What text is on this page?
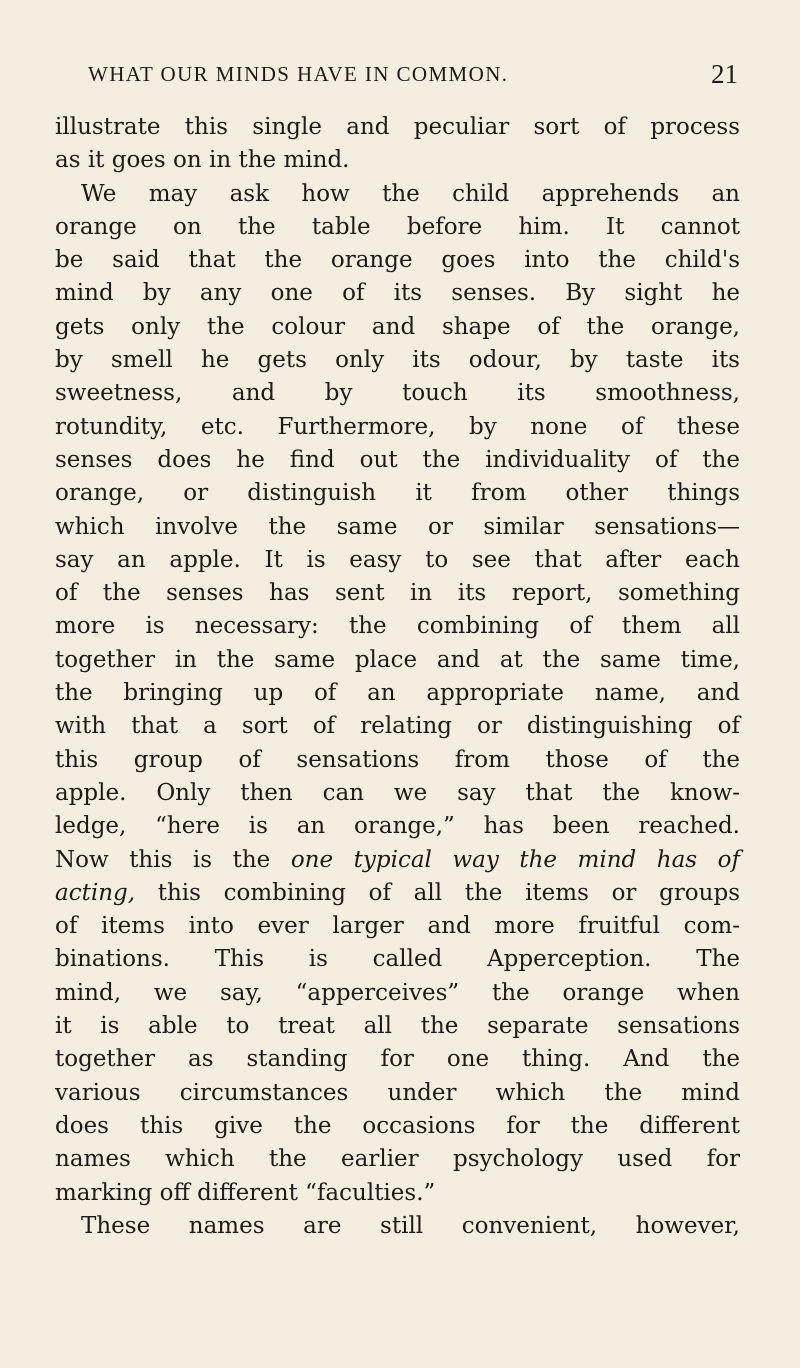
WHAT OUR MINDS HAVE IN COMMON.	21
illustrate this single and peculiar sort of process
as it goes on in the mind.
We may ask how the child apprehends an
orange on the table before him. It cannot
be said that the orange goes into the child's
mind by any one of its senses. By sight he
gets only the colour and shape of the orange,
by smell he gets only its odour, by taste its
sweetness, and by touch its smoothness,
rotundity, etc. Furthermore, by none of these
senses does he find out the individuality of the
orange, or distinguish it from other things
which involve the same or similar sensations—
say an apple. It is easy to see that after each
of the senses has sent in its report, something
more is necessary: the combining of them all
together in the same place and at the same time,
the bringing up of an appropriate name, and
with that a sort of relating or distinguishing of
this group of sensations from those of the
apple. Only then can we say that the know-
ledge, “here is an orange,” has been reached.
Now this is the one typical way the mind has of
acting, this combining of all the items or groups
of items into ever larger and more fruitful com-
binations. This is called Apperception. The
mind, we say, “apperceives” the orange when
it is able to treat all the separate sensations
together as standing for one thing. And the
various circumstances under which the mind
does this give the occasions for the different
names which the earlier psychology used for
marking off different “faculties.”
These names are still convenient, however,
